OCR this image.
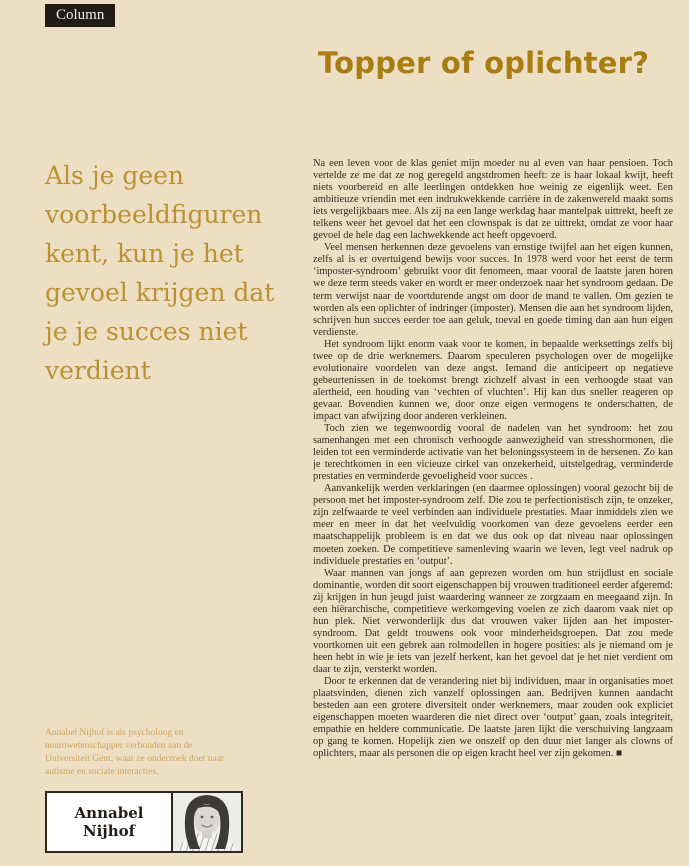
Column
Topper of oplichter?
Als je geen voorbeeldfiguren kent, kun je het gevoel krijgen dat je je succes niet verdient

Na een leven voor de klas geniet mijn moeder nu al even van haar pensioen. Toch vertelde ze me dat ze nog geregeld angstdromen heeft: ze is haar lokaal kwijt, heeft niets voorbereid en alle leerlingen ontdekken hoe weinig ze eigenlijk weet. Een ambitieuze vriendin met een indrukwekkende carrière in de zakenwereld maakt soms iets vergelijkbaars mee. Als zij na een lange werkdag haar mantelpak uittrekt, heeft ze telkens weer het gevoel dat het een clownspak is dat ze uittrekt, omdat ze voor haar gevoel de hele dag een lachwekkende act heeft opgevoerd.

Veel mensen herkennen deze gevoelens van ernstige twijfel aan het eigen kunnen, zelfs al is er overtuigend bewijs voor succes. In 1978 werd voor het eerst de term ‘imposter-syndroom’ gebruikt voor dit fenomeen, maar vooral de laatste jaren horen we deze term steeds vaker en wordt er meer onderzoek naar het syndroom gedaan. De term verwijst naar de voortdurende angst om door de mand te vallen. Om gezien te worden als een oplichter of indringer (imposter). Mensen die aan het syndroom lijden, schrijven hun succes eerder toe aan geluk, toeval en goede timing dan aan hun eigen verdienste.

Het syndroom lijkt enorm vaak voor te komen, in bepaalde werksettings zelfs bij twee op de drie werknemers. Daarom speculeren psychologen over de mogelijke evolutionaire voordelen van deze angst. Iemand die anticipeert op negatieve gebeurtenissen in de toekomst brengt zichzelf alvast in een verhoogde staat van alertheid, een houding van ‘vechten of vluchten’. Hij kan dus sneller reageren op gevaar. Bovendien kunnen we, door onze eigen vermogens te onderschatten, de impact van afwijzing door anderen verkleinen.

Toch zien we tegenwoordig vooral de nadelen van het syndroom: het zou samenhangen met een chronisch verhoogde aanwezigheid van stresshormonen, die leiden tot een verminderde activatie van het beloningssysteem in de hersenen. Zo kan je terechtkomen in een vicieuze cirkel van onzekerheid, uitstelgedrag, verminderde prestaties en verminderde gevoeligheid voor succes .

Aanvankelijk werden verklaringen (en daarmee oplossingen) vooral gezocht bij de persoon met het imposter-syndroom zelf. Die zou te perfectionistisch zijn, te onzeker, zijn zelfwaarde te veel verbinden aan individuele prestaties. Maar inmiddels zien we meer en meer in dat het veelvuldig voorkomen van deze gevoelens eerder een maatschappelijk probleem is en dat we dus ook op dat niveau naar oplossingen moeten zoeken. De competitieve samenleving waarin we leven, legt veel nadruk op individuele prestaties en ‘output’.

Waar mannen van jongs af aan geprezen worden om hun strijdlust en sociale dominantie, worden dit soort eigenschappen bij vrouwen traditioneel eerder afgeremd: zij krijgen in hun jeugd juist waardering wanneer ze zorgzaam en meegaand zijn. In een hiërarchische, competitieve werkomgeving voelen ze zich daarom vaak niet op hun plek. Niet verwonderlijk dus dat vrouwen vaker lijden aan het imposter-syndroom. Dat geldt trouwens ook voor minderheidsgroepen. Dat zou mede voortkomen uit een gebrek aan rolmodellen in hogere posities: als je niemand om je heen hebt in wie je iets van jezelf herkent, kan het gevoel dat je het niet verdient om daar te zijn, versterkt worden.

Door te erkennen dat de verandering niet bij individuen, maar in organisaties moet plaatsvinden, dienen zich vanzelf oplossingen aan. Bedrijven kunnen aandacht besteden aan een grotere diversiteit onder werknemers, maar zouden ook expliciet eigenschappen moeten waarderen die niet direct over ‘output’ gaan, zoals integriteit, empathie en heldere communicatie. De laatste jaren lijkt die verschuiving langzaam op gang te komen. Hopelijk zien we onszelf op den duur niet langer als clowns of oplichters, maar als personen die op eigen kracht heel ver zijn gekomen. ■

Annabel Nijhof is als psycholoog en neurowetenschapper verbonden aan de Universiteit Gent, waar ze onderzoek doet naar autisme en sociale interacties.
Annabel Nijhof
